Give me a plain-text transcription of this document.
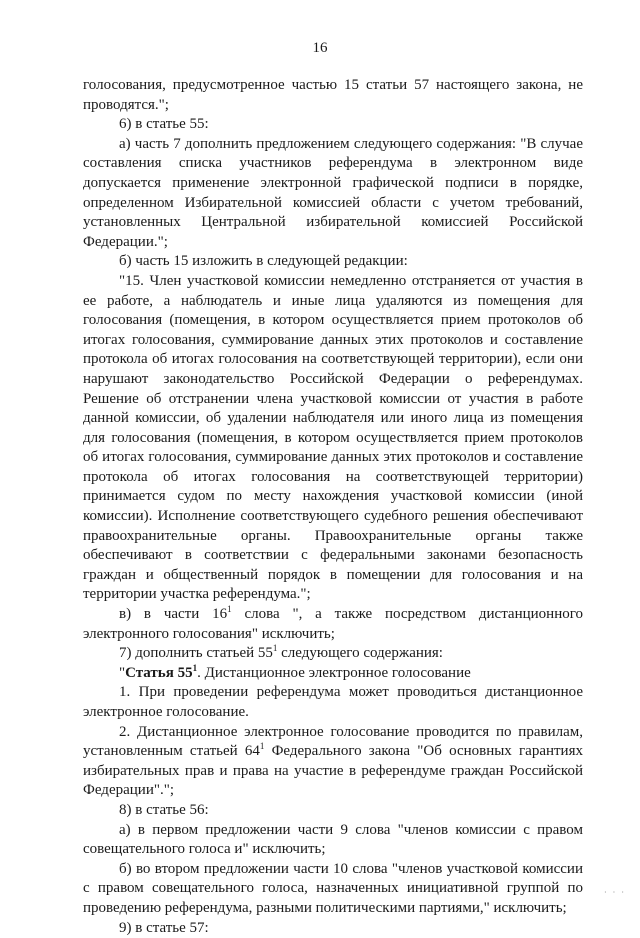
16

голосования, предусмотренное частью 15 статьи 57 настоящего закона, не проводятся.";

6) в статье 55:

а) часть 7 дополнить предложением следующего содержания: "В случае составления списка участников референдума в электронном виде допускается применение электронной графической подписи в порядке, определенном Избирательной комиссией области с учетом требований, установленных Центральной избирательной комиссией Российской Федерации.";

б) часть 15 изложить в следующей редакции:

"15. Член участковой комиссии немедленно отстраняется от участия в ее работе, а наблюдатель и иные лица удаляются из помещения для голосования (помещения, в котором осуществляется прием протоколов об итогах голосования, суммирование данных этих протоколов и составление протокола об итогах голосования на соответствующей территории), если они нарушают законодательство Российской Федерации о референдумах. Решение об отстранении члена участковой комиссии от участия в работе данной комиссии, об удалении наблюдателя или иного лица из помещения для голосования (помещения, в котором осуществляется прием протоколов об итогах голосования, суммирование данных этих протоколов и составление протокола об итогах голосования на соответствующей территории) принимается судом по месту нахождения участковой комиссии (иной комиссии). Исполнение соответствующего судебного решения обеспечивают правоохранительные органы. Правоохранительные органы также обеспечивают в соответствии с федеральными законами безопасность граждан и общественный порядок в помещении для голосования и на территории участка референдума.";

в) в части $16^1$ слова ", а также посредством дистанционного электронного голосования" исключить;

7) дополнить статьей $55^1$ следующего содержания:

"Статья $55^1$. Дистанционное электронное голосование

1. При проведении референдума может проводиться дистанционное электронное голосование.

2. Дистанционное электронное голосование проводится по правилам, установленным статьей $64^1$ Федерального закона "Об основных гарантиях избирательных прав и права на участие в референдуме граждан Российской Федерации".";

8) в статье 56:

а) в первом предложении части 9 слова "членов комиссии с правом совещательного голоса и" исключить;

б) во втором предложении части 10 слова "членов участковой комиссии с правом совещательного голоса, назначенных инициативной группой по проведению референдума, разными политическими партиями," исключить;

9) в статье 57:

· · ·
